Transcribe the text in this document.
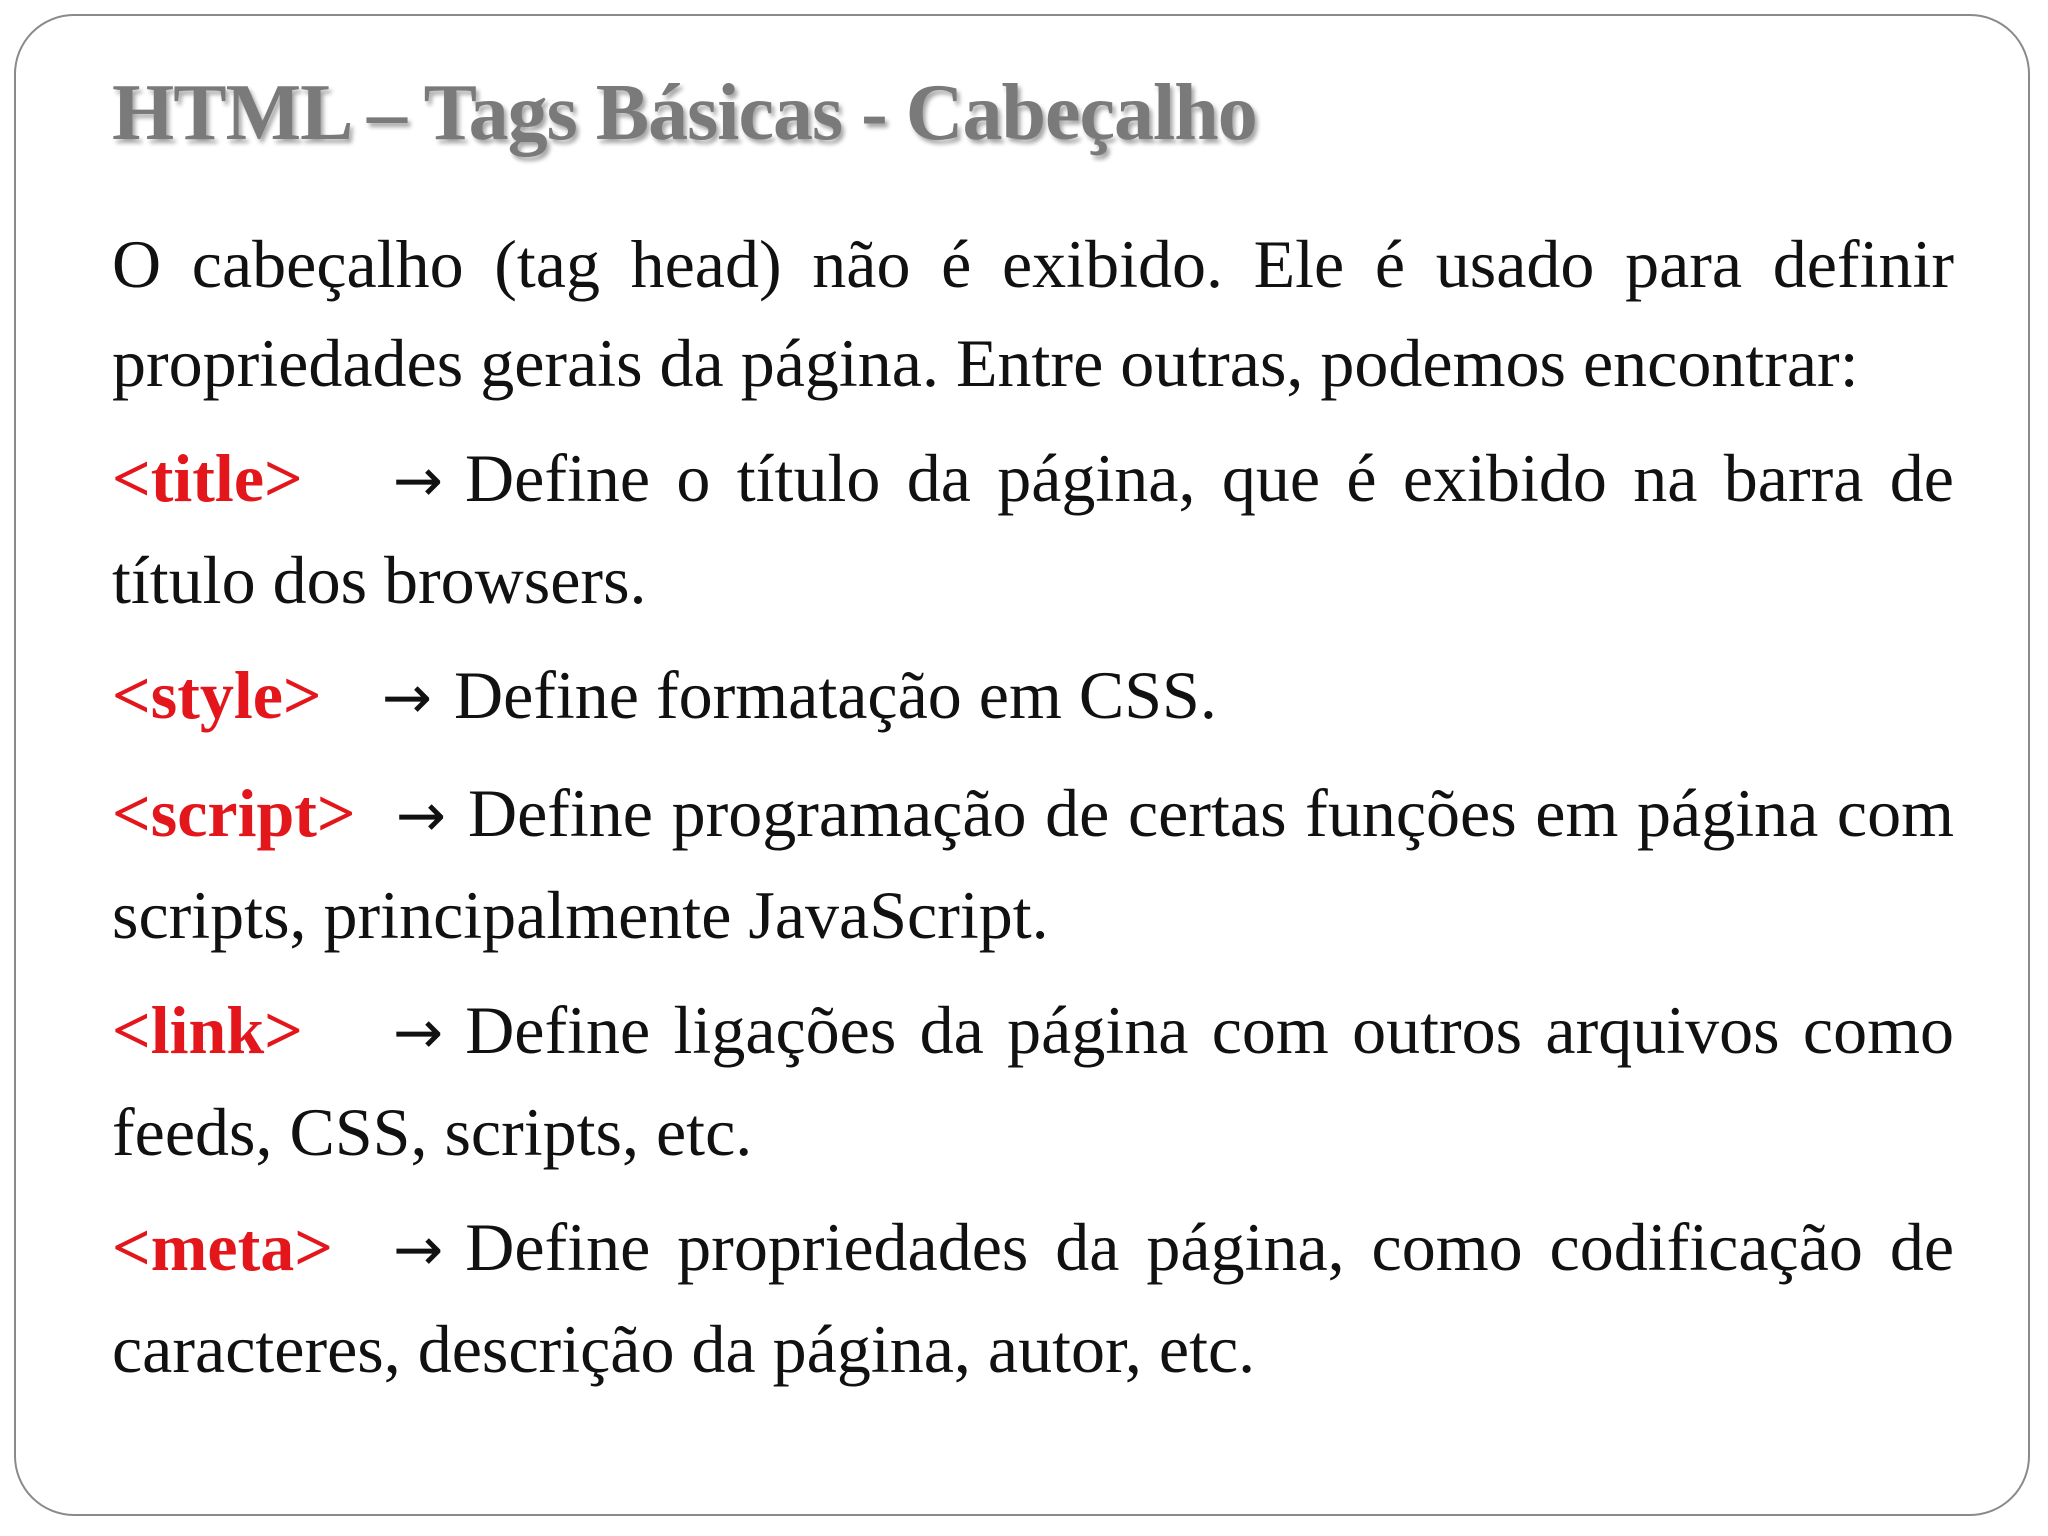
HTML – Tags Básicas - Cabeçalho

O cabeçalho (tag head) não é exibido. Ele é usado para definir propriedades gerais da página. Entre outras, podemos encontrar:

<title> → Define o título da página, que é exibido na barra de título dos browsers.

<style> → Define formatação em CSS.

<script> → Define programação de certas funções em página com scripts, principalmente JavaScript.

<link> → Define ligações da página com outros arquivos como feeds, CSS, scripts, etc.

<meta> → Define propriedades da página, como codificação de caracteres, descrição da página, autor, etc.
